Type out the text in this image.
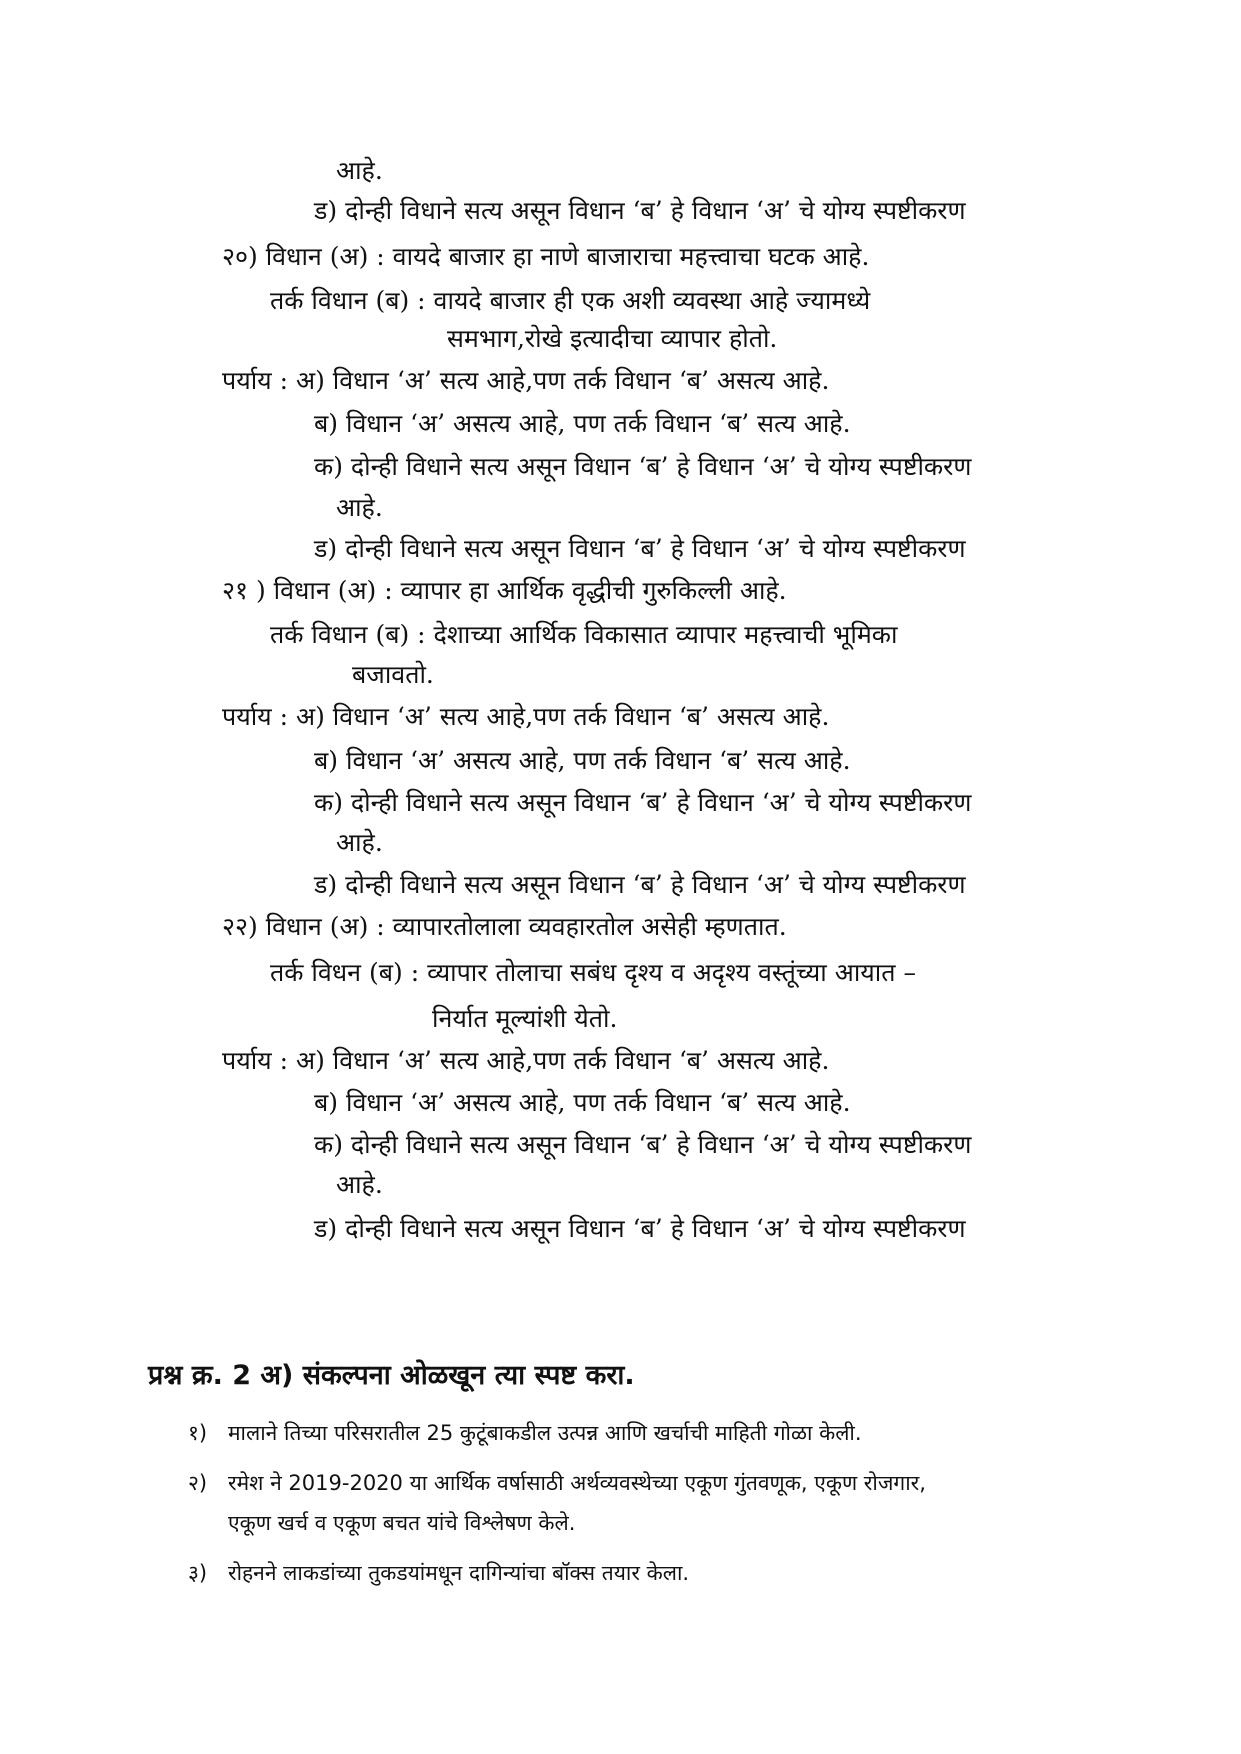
आहे.
ड) दोन्ही विधाने सत्य असून विधान ‘ब’ हे विधान ‘अ’ चे योग्य स्पष्टीकरण
२०) विधान (अ) : वायदे बाजार हा नाणे बाजाराचा महत्त्वाचा घटक आहे.
तर्क विधान (ब) : वायदे बाजार ही एक अशी व्यवस्था आहे ज्यामध्ये
समभाग,रोखे इत्यादीचा व्यापार होतो.
पर्याय : अ) विधान ‘अ’ सत्य आहे,पण तर्क विधान ‘ब’ असत्य आहे.
ब) विधान ‘अ’ असत्य आहे, पण तर्क विधान ‘ब’ सत्य आहे.
क) दोन्ही विधाने सत्य असून विधान ‘ब’ हे विधान ‘अ’ चे योग्य स्पष्टीकरण
आहे.
ड) दोन्ही विधाने सत्य असून विधान ‘ब’ हे विधान ‘अ’ चे योग्य स्पष्टीकरण
२१ ) विधान (अ) : व्यापार हा आर्थिक वृद्धीची गुरुकिल्ली आहे.
तर्क विधान (ब) : देशाच्या आर्थिक विकासात व्यापार महत्त्वाची भूमिका
बजावतो.
पर्याय : अ) विधान ‘अ’ सत्य आहे,पण तर्क विधान ‘ब’ असत्य आहे.
ब) विधान ‘अ’ असत्य आहे, पण तर्क विधान ‘ब’ सत्य आहे.
क) दोन्ही विधाने सत्य असून विधान ‘ब’ हे विधान ‘अ’ चे योग्य स्पष्टीकरण
आहे.
ड) दोन्ही विधाने सत्य असून विधान ‘ब’ हे विधान ‘अ’ चे योग्य स्पष्टीकरण
२२) विधान (अ) : व्यापारतोलाला व्यवहारतोल असेही म्हणतात.
तर्क विधन (ब) : व्यापार तोलाचा सबंध दृश्य व अदृश्य वस्तूंच्या आयात –
निर्यात मूल्यांशी येतो.
पर्याय : अ) विधान ‘अ’ सत्य आहे,पण तर्क विधान ‘ब’ असत्य आहे.
ब) विधान ‘अ’ असत्य आहे, पण तर्क विधान ‘ब’ सत्य आहे.
क) दोन्ही विधाने सत्य असून विधान ‘ब’ हे विधान ‘अ’ चे योग्य स्पष्टीकरण
आहे.
ड) दोन्ही विधाने सत्य असून विधान ‘ब’ हे विधान ‘अ’ चे योग्य स्पष्टीकरण
प्रश्न क्र. 2 अ) संकल्पना ओळखून त्या स्पष्ट करा.
१) मालाने तिच्या परिसरातील 25 कुटूंबाकडील उत्पन्न आणि खर्चाची माहिती गोळा केली.
२) रमेश ने 2019-2020 या आर्थिक वर्षासाठी अर्थव्यवस्थेच्या एकूण गुंतवणूक, एकूण रोजगार,
एकूण खर्च व एकूण बचत यांचे विश्लेषण केले.
३) रोहनने लाकडांच्या तुकडयांमधून दागिन्यांचा बॉक्स तयार केला.
